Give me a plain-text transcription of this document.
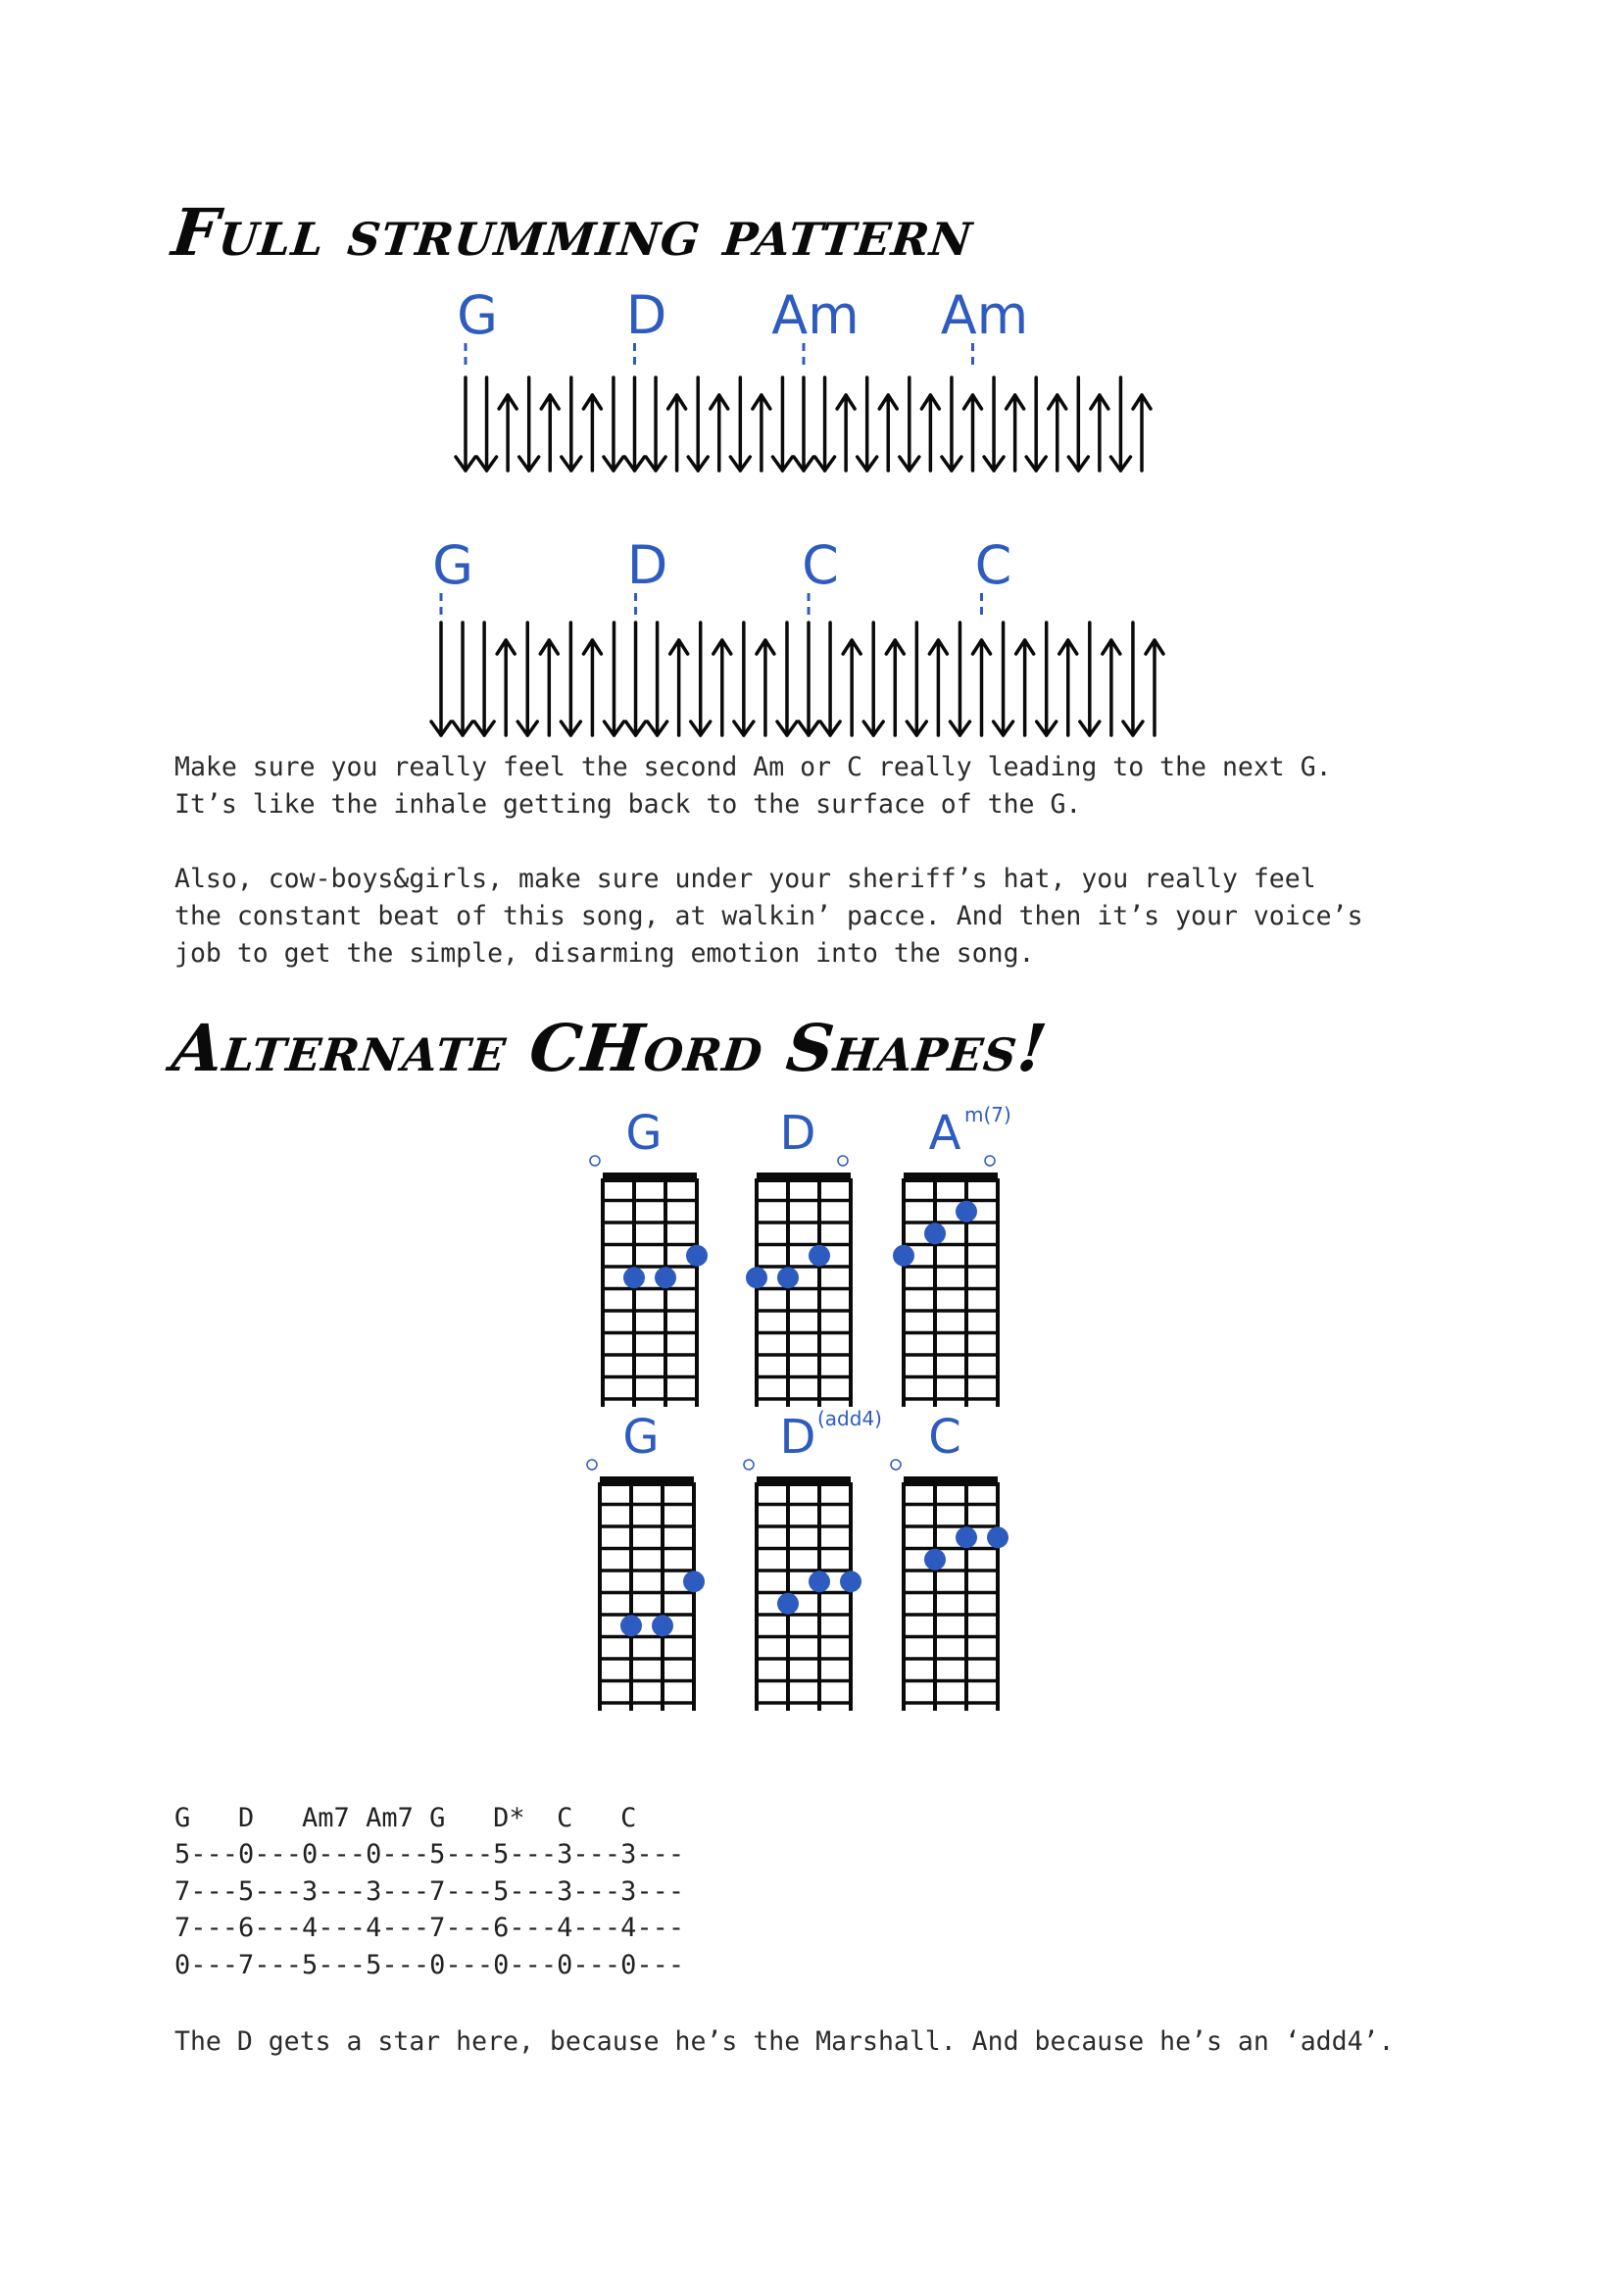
Full strumming pattern
G D Am Am
G	D	C	C

Make sure you really feel the second Am or C really leading to the next G.
It’s like the inhale getting back to the surface of the G.

Also, cow-boys&girls, make sure under your sheriff’s hat, you really feel
the constant beat of this song, at walkin’ pacce. And then it’s your voice’s
job to get the simple, disarming emotion into the song.

Alternate CHord Shapes!
G D A m(7)
G	D (add4) C
G   D   Am7 Am7 G   D*  C   C
5---0---0---0---5---5---3---3---
7---5---3---3---7---5---3---3---
7---6---4---4---7---6---4---4---
0---7---5---5---0---0---0---0---

The D gets a star here, because he’s the Marshall. And because he’s an ‘add4’.
